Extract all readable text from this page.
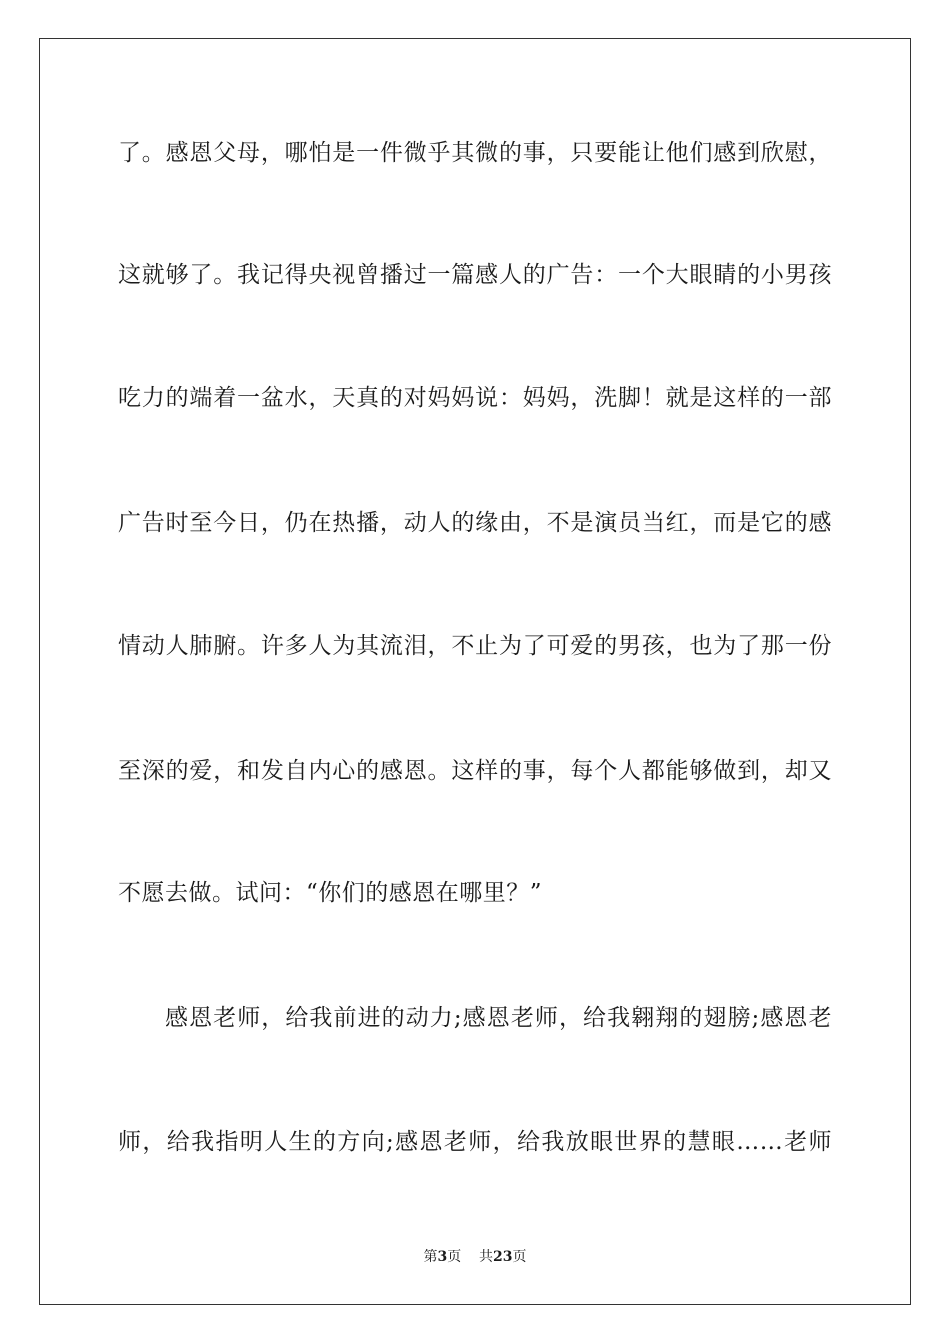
了。感恩父母，哪怕是一件微乎其微的事，只要能让他们感到欣慰，
这就够了。我记得央视曾播过一篇感人的广告：一个大眼睛的小男孩
吃力的端着一盆水，天真的对妈妈说：妈妈，洗脚！就是这样的一部
广告时至今日，仍在热播，动人的缘由，不是演员当红，而是它的感
情动人肺腑。许多人为其流泪，不止为了可爱的男孩，也为了那一份
至深的爱，和发自内心的感恩。这样的事，每个人都能够做到，却又
不愿去做。试问：“你们的感恩在哪里？”
感恩老师，给我前进的动力;感恩老师，给我翱翔的翅膀;感恩老
师，给我指明人生的方向;感恩老师，给我放眼世界的慧眼……老师
第3页 共23页
